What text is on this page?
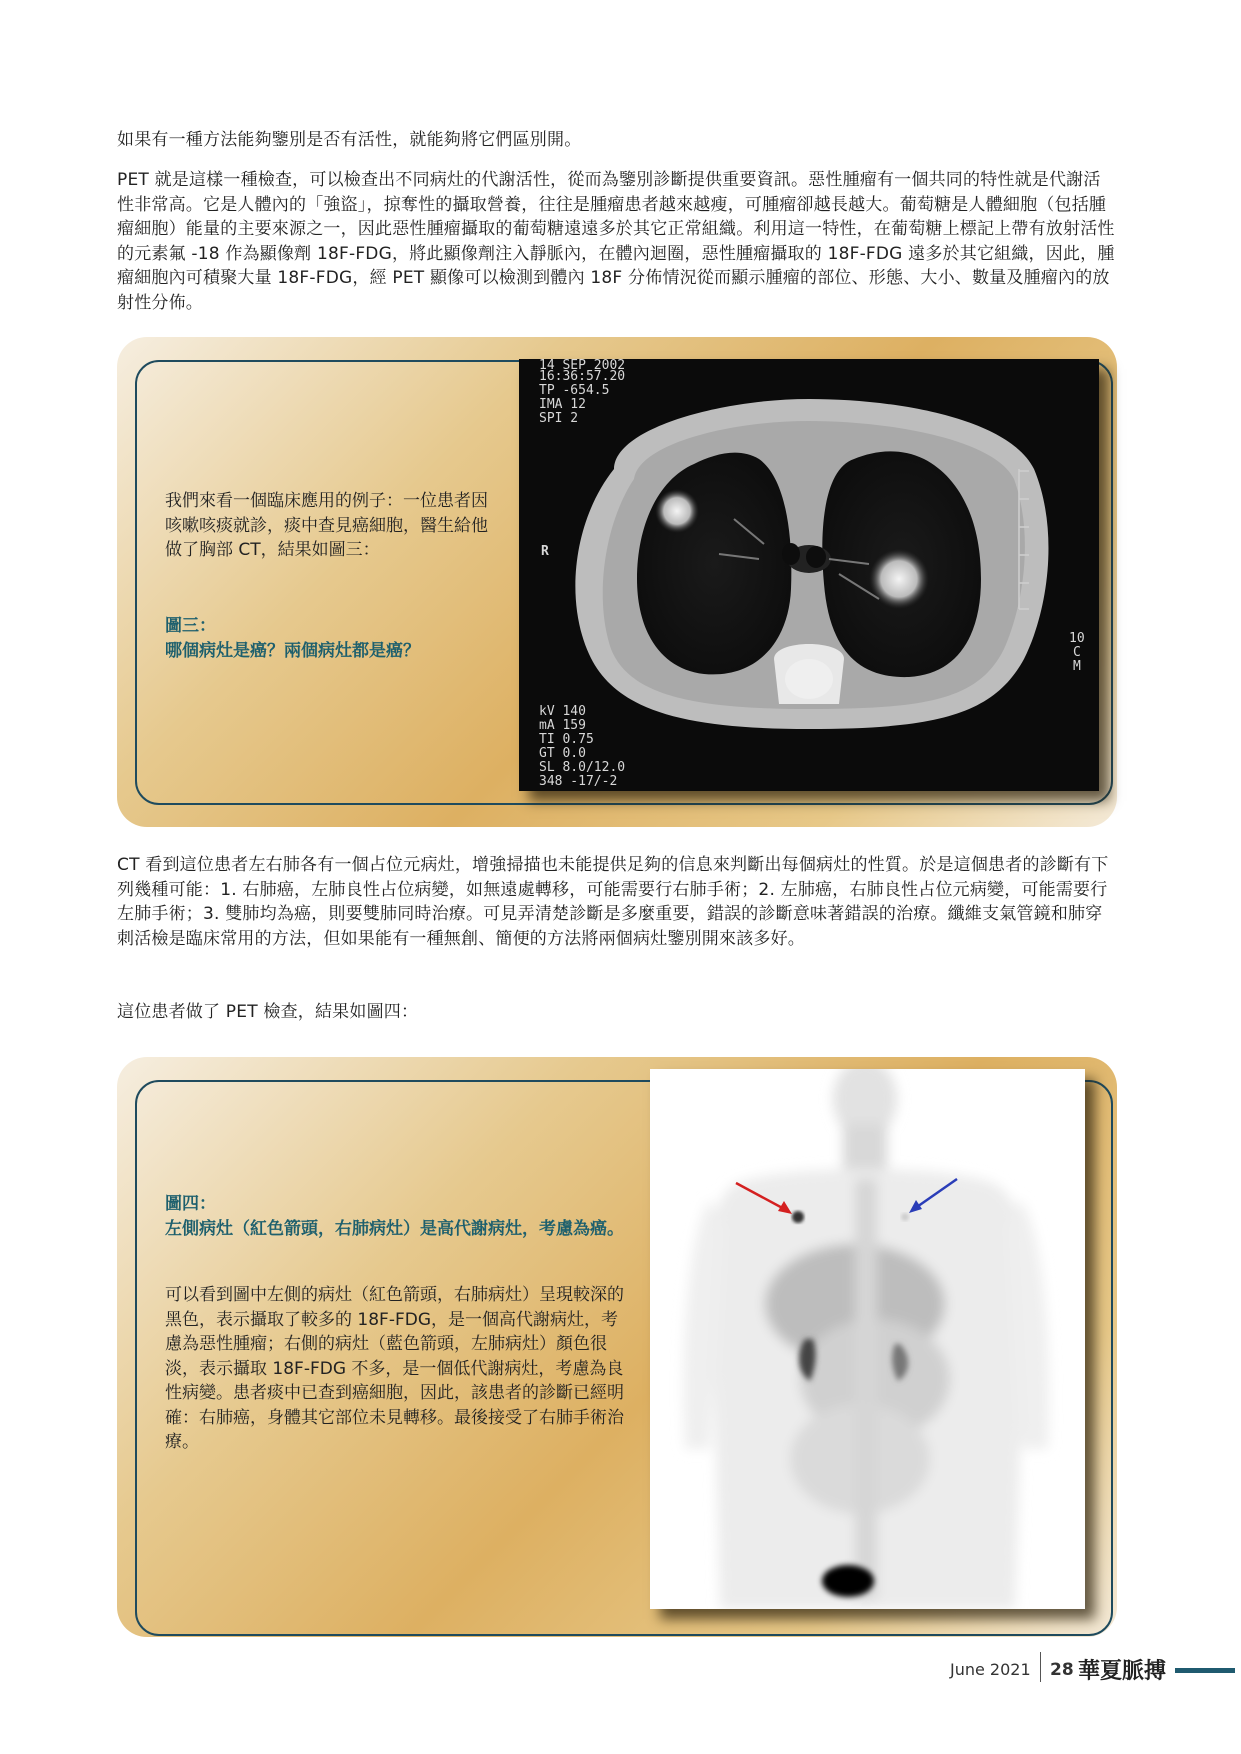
如果有一種方法能夠鑒別是否有活性，就能夠將它們區別開。

PET 就是這樣一種檢查，可以檢查出不同病灶的代謝活性，從而為鑒別診斷提供重要資訊。惡性腫瘤有一個共同的特性就是代謝活性非常高。它是人體內的「強盜」，掠奪性的攝取營養，往往是腫瘤患者越來越瘦，可腫瘤卻越長越大。葡萄糖是人體細胞（包括腫瘤細胞）能量的主要來源之一，因此惡性腫瘤攝取的葡萄糖遠遠多於其它正常組織。利用這一特性，在葡萄糖上標記上帶有放射活性的元素氟 -18 作為顯像劑 18F-FDG，將此顯像劑注入靜脈內，在體內迴圈，惡性腫瘤攝取的 18F-FDG 遠多於其它組織，因此，腫瘤細胞內可積聚大量 18F-FDG，經 PET 顯像可以檢測到體內 18F 分佈情況從而顯示腫瘤的部位、形態、大小、數量及腫瘤內的放射性分佈。

我們來看一個臨床應用的例子：一位患者因咳嗽咳痰就診，痰中查見癌細胞，醫生給他做了胸部 CT，結果如圖三：

圖三：

哪個病灶是癌？兩個病灶都是癌？

14 SEP 2002
16:36:57.20
TP -654.5
IMA 12
SPI 2
R
10
C
M
kV 140
mA 159
TI 0.75
GT 0.0
SL 8.0/12.0
348 -17/-2

CT 看到這位患者左右肺各有一個占位元病灶，增強掃描也未能提供足夠的信息來判斷出每個病灶的性質。於是這個患者的診斷有下列幾種可能：1. 右肺癌，左肺良性占位病變，如無遠處轉移，可能需要行右肺手術；2. 左肺癌，右肺良性占位元病變，可能需要行左肺手術；3. 雙肺均為癌，則要雙肺同時治療。可見弄清楚診斷是多麼重要，錯誤的診斷意味著錯誤的治療。纖維支氣管鏡和肺穿刺活檢是臨床常用的方法，但如果能有一種無創、簡便的方法將兩個病灶鑒別開來該多好。

這位患者做了 PET 檢查，結果如圖四：

圖四：

左側病灶（紅色箭頭，右肺病灶）是高代謝病灶，考慮為癌。

可以看到圖中左側的病灶（紅色箭頭，右肺病灶）呈現較深的黑色，表示攝取了較多的 18F-FDG，是一個高代謝病灶，考慮為惡性腫瘤；右側的病灶（藍色箭頭，左肺病灶）顏色很淡，表示攝取 18F-FDG 不多，是一個低代謝病灶，考慮為良性病變。患者痰中已查到癌細胞，因此，該患者的診斷已經明確：右肺癌，身體其它部位未見轉移。最後接受了右肺手術治療。
June 2021 28 華夏脈搏
